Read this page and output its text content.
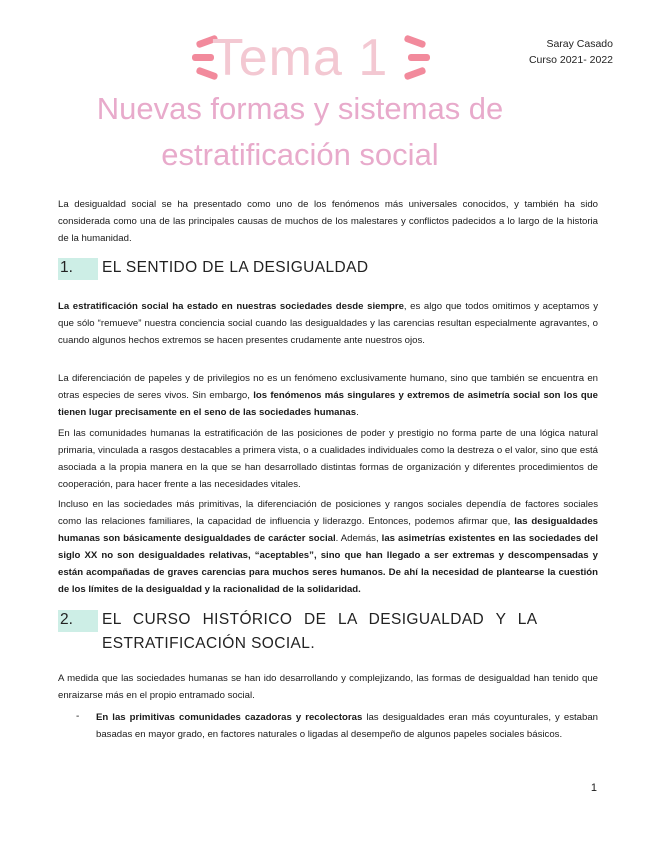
Saray Casado
Curso 2021- 2022
Tema 1
Nuevas formas y sistemas de
estratificación social

La desigualdad social se ha presentado como uno de los fenómenos más universales conocidos, y también ha sido considerada como una de las principales causas de muchos de los malestares y conflictos padecidos a lo largo de la historia de la humanidad.

1. EL SENTIDO DE LA DESIGUALDAD

La estratificación social ha estado en nuestras sociedades desde siempre, es algo que todos omitimos y aceptamos y que sólo “remueve” nuestra conciencia social cuando las desigualdades y las carencias resultan especialmente agravantes, o cuando algunos hechos extremos se hacen presentes crudamente ante nuestros ojos.

La diferenciación de papeles y de privilegios no es un fenómeno exclusivamente humano, sino que también se encuentra en otras especies de seres vivos. Sin embargo, los fenómenos más singulares y extremos de asimetría social son los que tienen lugar precisamente en el seno de las sociedades humanas.

En las comunidades humanas la estratificación de las posiciones de poder y prestigio no forma parte de una lógica natural primaria, vinculada a rasgos destacables a primera vista, o a cualidades individuales como la destreza o el valor, sino que está asociada a la propia manera en la que se han desarrollado distintas formas de organización y diferentes procedimientos de cooperación, para hacer frente a las necesidades vitales.

Incluso en las sociedades más primitivas, la diferenciación de posiciones y rangos sociales dependía de factores sociales como las relaciones familiares, la capacidad de influencia y liderazgo. Entonces, podemos afirmar que, las desigualdades humanas son básicamente desigualdades de carácter social. Además, las asimetrías existentes en las sociedades del siglo XX no son desigualdades relativas, “aceptables”, sino que han llegado a ser extremas y descompensadas y están acompañadas de graves carencias para muchos seres humanos. De ahí la necesidad de plantearse la cuestión de los límites de la desigualdad y la racionalidad de la solidaridad.

2. EL CURSO HISTÓRICO DE LA DESIGUALDAD Y LA
ESTRATIFICACIÓN SOCIAL.

A medida que las sociedades humanas se han ido desarrollando y complejizando, las formas de desigualdad han tenido que enraizarse más en el propio entramado social.

- En las primitivas comunidades cazadoras y recolectoras las desigualdades eran más coyunturales, y estaban basadas en mayor grado, en factores naturales o ligadas al desempeño de algunos papeles sociales básicos.

1
